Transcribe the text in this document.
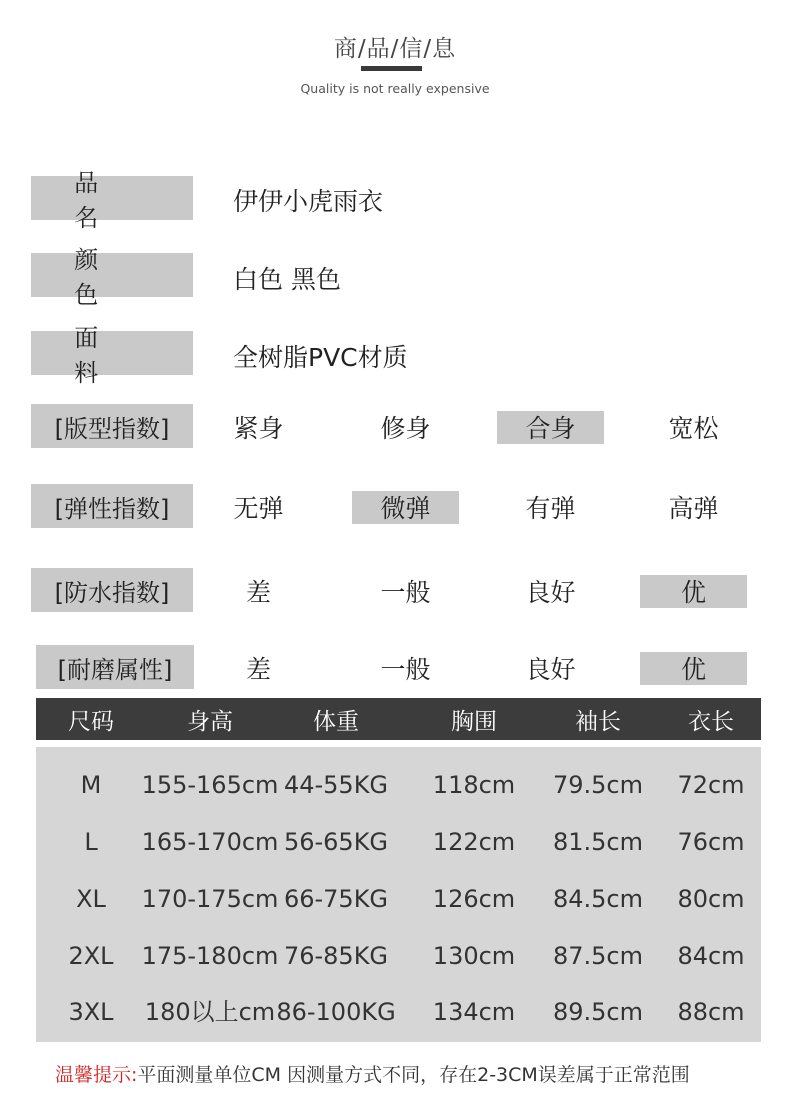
商/品/信/息
Quality is not really expensive
品名
伊伊小虎雨衣
颜色
白色 黑色
面料
全树脂PVC材质
[版型指数]	紧身	修身	合身	宽松
[弹性指数]	无弹	微弹	有弹	高弹
[防水指数]	差	一般	良好	优
[耐磨属性]	差	一般	良好	优
尺码	身高	体重	胸围	袖长	衣长
M	155-165cm 44-55KG	118cm	79.5cm	72cm
L	165-170cm 56-65KG	122cm	81.5cm	76cm
XL	170-175cm 66-75KG	126cm	84.5cm	80cm
2XL	175-180cm 76-85KG	130cm	87.5cm	84cm
3XL	180以上cm 86-100KG	134cm	89.5cm	88cm
温馨提示:平面测量单位CM 因测量方式不同，存在2-3CM误差属于正常范围
